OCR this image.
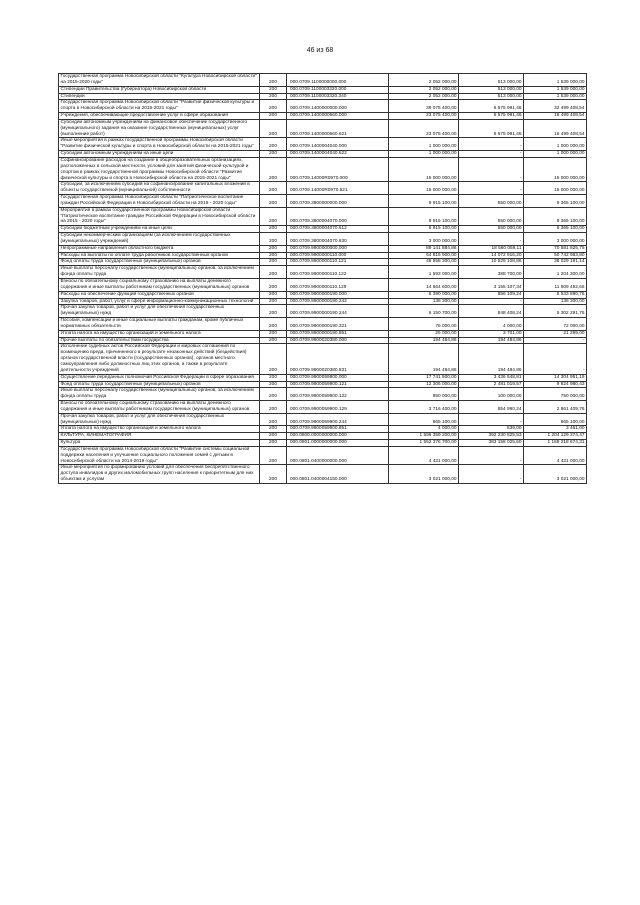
46 из 68
Государственная программа Новосибирской области "Культура Новосибирской области" на 2015-2020 годы"	200	000.0709.1100000000.000	2 052 000,00	513 000,00	1 539 000,00
Стипендии Правительства (Губернатора) Новосибирской области	200	000.0709.1100003320.000	2 052 000,00	513 000,00	1 539 000,00
Стипендии	200	000.0709.1100003320.340	2 052 000,00	513 000,00	1 539 000,00
Государственная программа Новосибирской области "Развитие физической культуры и спорта в Новосибирской области на 2015-2021 годы"	200	000.0709.1400000000.000	39 075 400,00	6 575 991,46	32 499 408,54
Учреждения, обеспечивающие предоставление услуг в сфере образования	200	000.0709.1400000660.000	23 075 400,00	6 575 991,46	16 499 408,54
Субсидии автономным учреждениям на финансовое обеспечение государственного (муниципального) задания на оказание государственных (муниципальных) услуг (выполнение работ)	200	000.0709.1400000660.621	23 075 400,00	6 575 991,46	16 499 408,54
Иные мероприятия в рамках государственной программы Новосибирской области "Развитие физической культуры и спорта в Новосибирской области на 2015-2021 годы"	200	000.0709.1400004040.000	1 000 000,00	-	1 000 000,00
Субсидии автономным учреждениям на иные цели	200	000.0709.1400004040.622	1 000 000,00	-	1 000 000,00
Софинансирование расходов на создание в общеобразовательных организациях, расположенных в сельской местности, условий для занятий физической культурой и спортом в рамках государственной программы Новосибирской области "Развитие физической культуры и спорта в Новосибирской области на 2015-2021 годы"	200	000.0709.14000R0970.000	15 000 000,00	-	15 000 000,00
Субсидии, за исключением субсидий на софинансирование капитальных вложений в объекты государственной (муниципальной) собственности	200	000.0709.14000R0970.521	15 000 000,00	-	15 000 000,00
Государственная программа Новосибирской области "Патриотическое воспитание граждан Российской Федерации в Новосибирской области на 2015 - 2020 годы"	200	000.0709.3800000000.000	9 915 100,00	550 000,00	9 365 100,00
Мероприятия в рамках государственной программы Новосибирской области "Патриотическое воспитание граждан Российской Федерации в Новосибирской области на 2015 - 2020 годы"	200	000.0709.3800004070.000	9 915 100,00	550 000,00	9 365 100,00
Субсидии бюджетным учреждениям на иные цели	200	000.0709.3800004070.612	6 915 100,00	550 000,00	6 365 100,00
Субсидии некоммерческим организациям (за исключением государственных (муниципальных) учреждений)	200	000.0709.3800004070.630	3 000 000,00	-	3 000 000,00
Непрограммные направления областного бюджета	200	000.0709.9900000000.000	89 141 884,86	18 560 059,11	70 581 825,75
Расходы на выплаты по оплате труда работников государственных органов	200	000.0709.9900000110.000	64 815 900,00	14 072 916,20	50 742 983,80
Фонд оплаты труда государственных (муниципальных) органов	200	000.0709.9900000110.121	48 558 300,00	10 529 108,86	38 029 191,14
Иные выплаты персоналу государственных (муниципальных) органов, за исключением фонда оплаты труда	200	000.0709.9900000110.122	1 593 000,00	388 700,00	1 204 300,00
Взносы по обязательному социальному страхованию на выплаты денежного содержания и иные выплаты работникам государственных (муниципальных) органов	200	000.0709.9900000110.129	14 664 600,00	3 155 107,34	11 509 492,66
Расходы на обеспечение функций государственных органов	200	000.0709.9900000190.000	6 390 000,00	856 109,24	5 533 890,76
Закупка товаров, работ, услуг в сфере информационно-коммуникационных технологий	200	000.0709.9900000190.242	138 300,00	-	138 300,00
Прочая закупка товаров, работ и услуг для обеспечения государственных (муниципальных) нужд	200	000.0709.9900000190.244	6 150 700,00	848 408,24	5 302 291,76
Пособия, компенсации и иные социальные выплаты гражданам, кроме публичных нормативных обязательств	200	000.0709.9900000190.321	76 000,00	4 000,00	72 000,00
Уплата налога на имущество организаций и земельного налога	200	000.0709.9900000190.851	25 000,00	3 701,00	21 299,00
Прочие выплаты по обязательствам государства	200	000.0709.9900020380.000	194 484,86	194 484,86	-
Исполнение судебных актов Российской Федерации и мировых соглашений по возмещению вреда, причиненного в результате незаконных действий (бездействия) органов государственной власти (государственных органов), органов местного самоуправления либо должностных лиц этих органов, а также в результате деятельности учреждений	200	000.0709.9900020380.831	194 484,86	194 484,86	-
Осуществление переданных полномочий Российской Федерации в сфере образования	200	000.0709.9900059900.000	17 741 500,00	3 436 548,81	14 304 951,19
Фонд оплаты труда государственных (муниципальных) органов	200	000.0709.9900059900.121	12 306 000,00	2 481 019,57	9 824 980,43
Иные выплаты персоналу государственных (муниципальных) органов, за исключением фонда оплаты труда	200	000.0709.9900059900.122	850 000,00	100 000,00	750 000,00
Взносы по обязательному социальному страхованию на выплаты денежного содержания и иные выплаты работникам государственных (муниципальных) органов	200	000.0709.9900059900.129	3 716 400,00	854 990,24	2 861 409,76
Прочая закупка товаров, работ и услуг для обеспечения государственных (муниципальных) нужд	200	000.0709.9900059900.244	865 100,00	-	865 100,00
Уплата налога на имущество организаций и земельного налога	200	000.0709.9900059900.851	4 000,00	539,00	3 461,00
КУЛЬТУРА, КИНЕМАТОГРАФИЯ	200	000.0800.0000000000.000	1 596 359 200,00	392 230 825,53	1 204 129 374,47
Культура	200	000.0801.0000000000.000	1 552 376 700,00	383 158 025,60	1 169 218 674,31
Государственная программа Новосибирской области "Развитие системы социальной поддержки населения и улучшение социального положения семей с детьми в Новосибирской области на 2014-2019 годы"	200	000.0801.0400000000.000	4 421 000,00	-	4 421 000,00
Иные мероприятия по формированию условий для обеспечения беспрепятственного доступа инвалидов и других маломобильных групп населения к приоритетным для них объектам и услугам	200	000.0801.0400004150.000	3 021 000,00	-	3 021 000,00
